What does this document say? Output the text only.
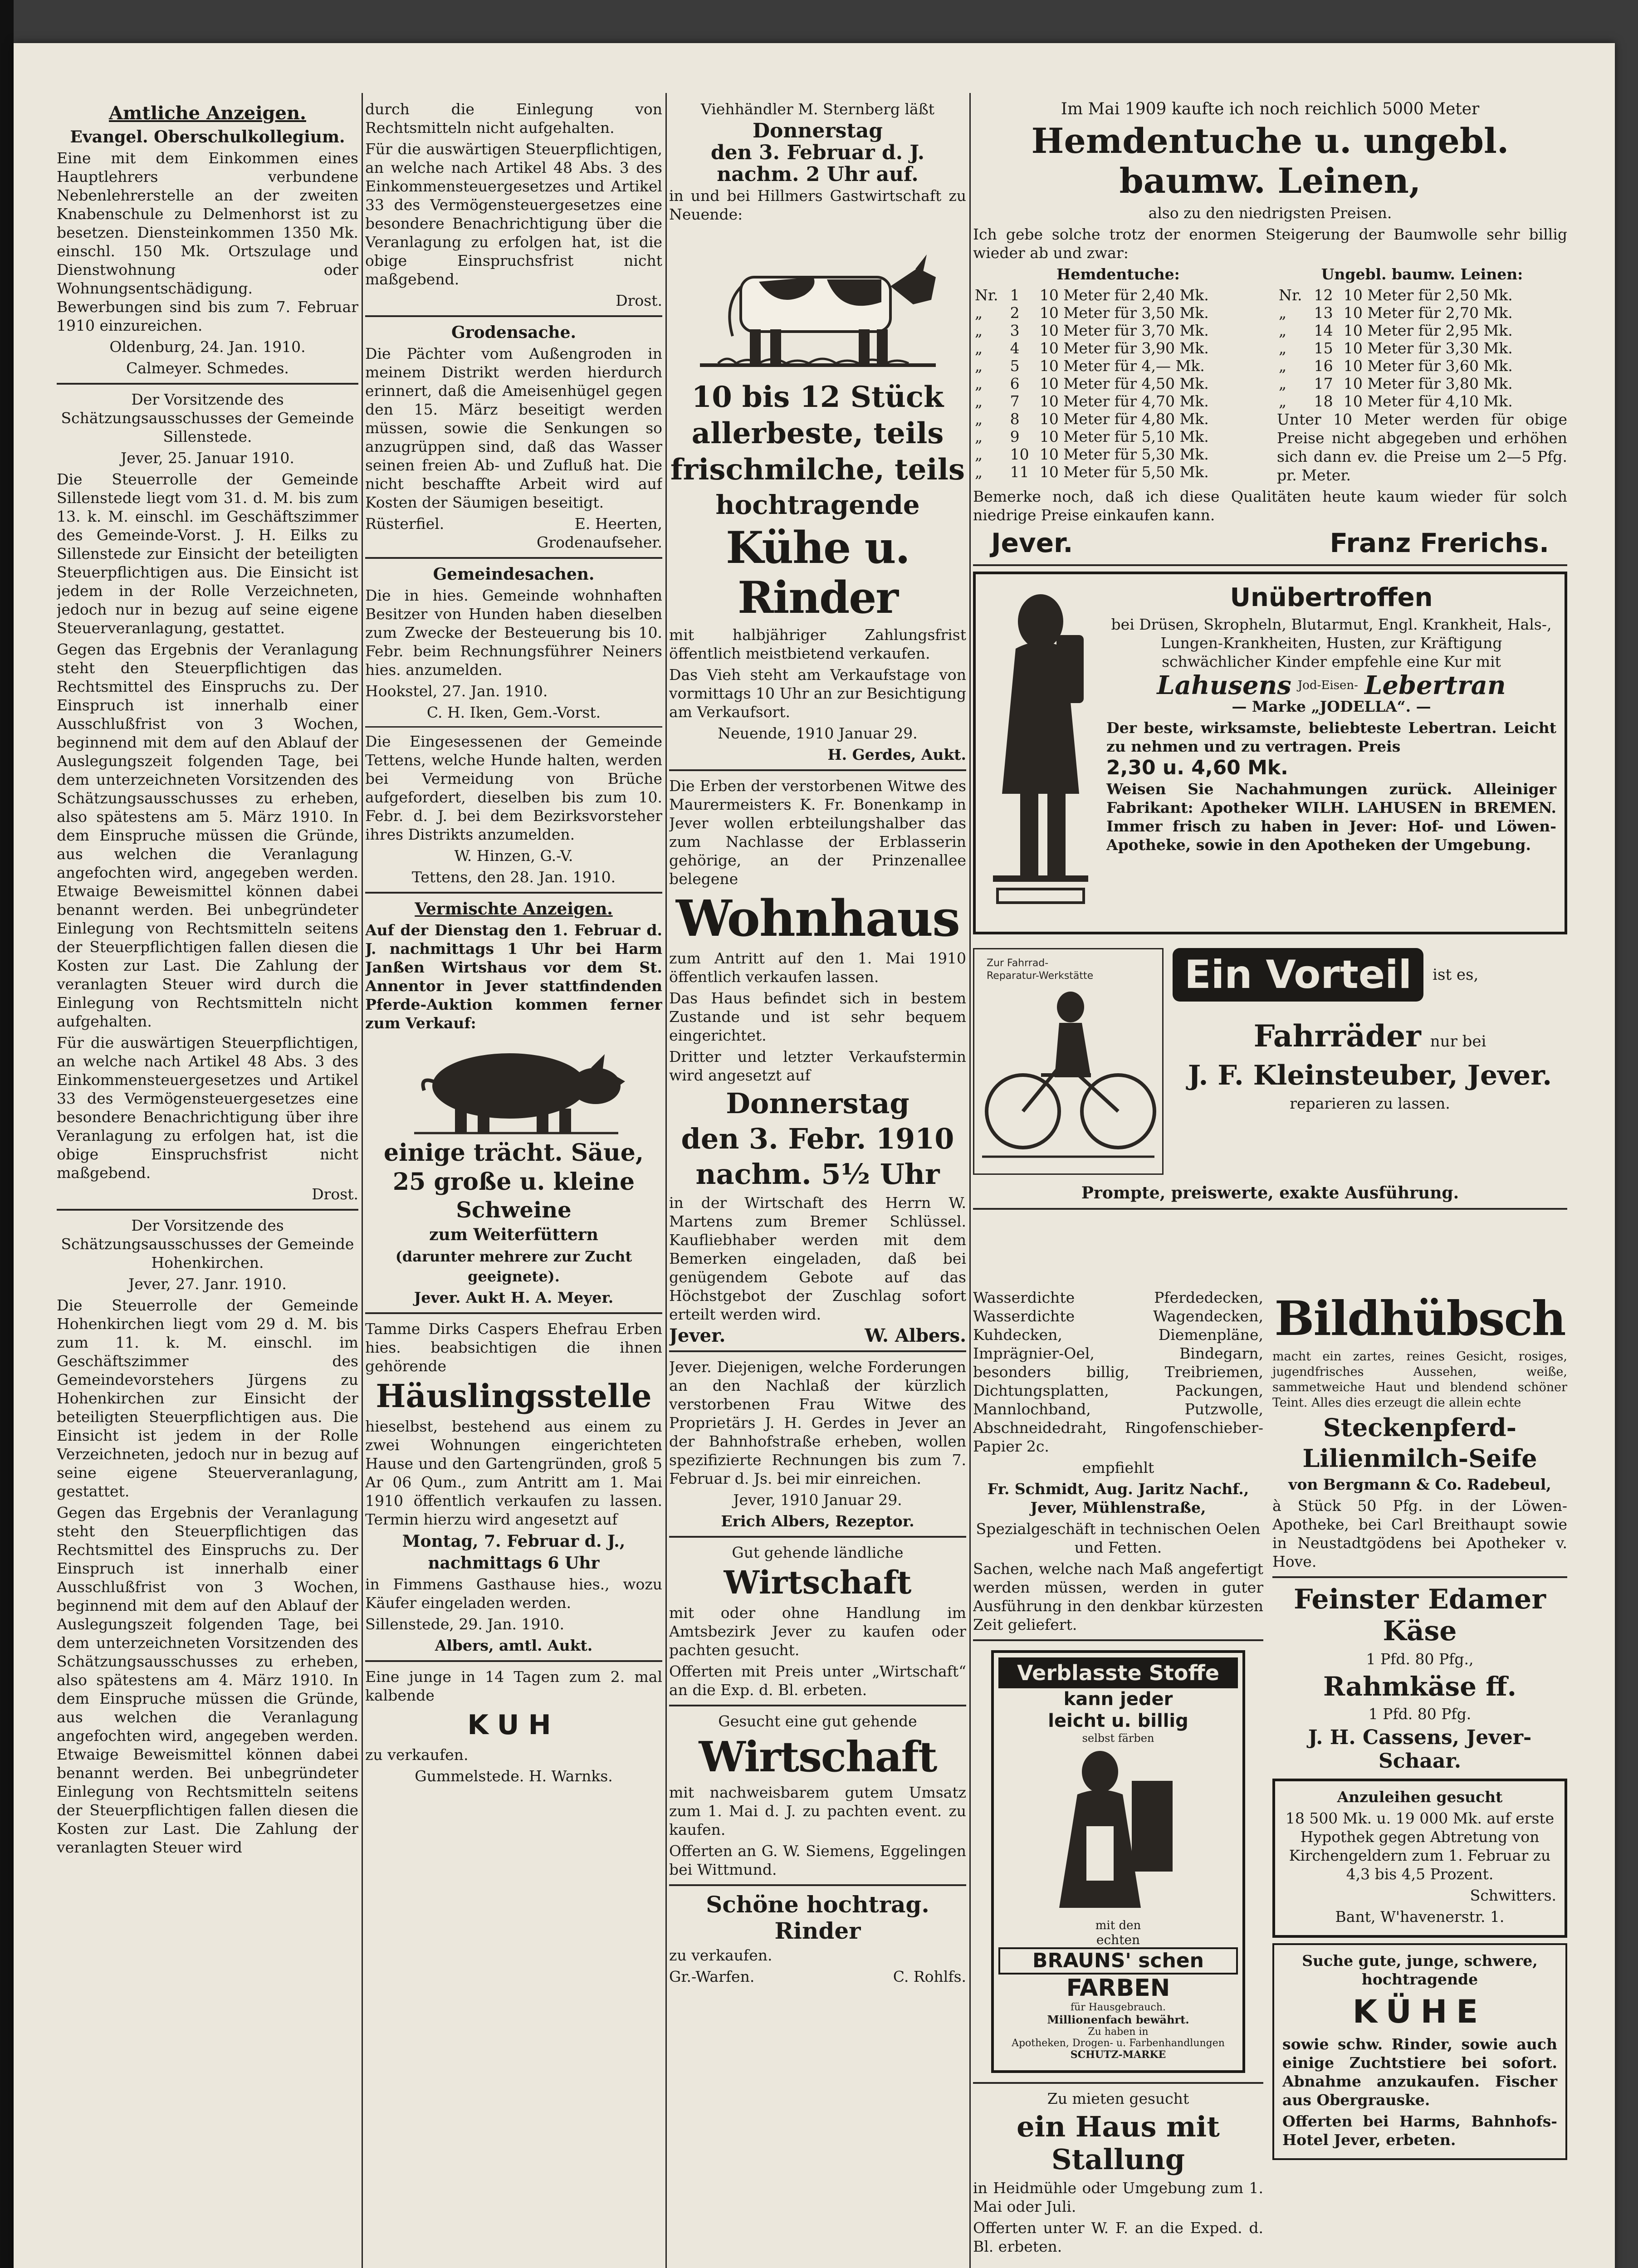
Amtliche Anzeigen.
Evangel. Oberschulkollegium.

Eine mit dem Einkommen eines Hauptlehrers verbundene Nebenlehrerstelle an der zweiten Knabenschule zu Delmenhorst ist zu besetzen. Diensteinkommen 1350 Mk. einschl. 150 Mk. Ortszulage und Dienstwohnung oder Wohnungsentschädigung. Bewerbungen sind bis zum 7. Februar 1910 einzureichen.

Oldenburg, 24. Jan. 1910.

Calmeyer. Schmedes.

Der Vorsitzende des Schätzungsausschusses der Gemeinde Sillenstede.

Jever, 25. Januar 1910.

Die Steuerrolle der Gemeinde Sillenstede liegt vom 31. d. M. bis zum 13. k. M. einschl. im Geschäftszimmer des Gemeinde-Vorst. J. H. Eilks zu Sillenstede zur Einsicht der beteiligten Steuerpflichtigen aus. Die Einsicht ist jedem in der Rolle Verzeichneten, jedoch nur in bezug auf seine eigene Steuerveranlagung, gestattet.

Gegen das Ergebnis der Veranlagung steht den Steuerpflichtigen das Rechtsmittel des Einspruchs zu. Der Einspruch ist innerhalb einer Ausschlußfrist von 3 Wochen, beginnend mit dem auf den Ablauf der Auslegungszeit folgenden Tage, bei dem unterzeichneten Vorsitzenden des Schätzungsausschusses zu erheben, also spätestens am 5. März 1910. In dem Einspruche müssen die Gründe, aus welchen die Veranlagung angefochten wird, angegeben werden. Etwaige Beweismittel können dabei benannt werden. Bei unbegründeter Einlegung von Rechtsmitteln seitens der Steuerpflichtigen fallen diesen die Kosten zur Last. Die Zahlung der veranlagten Steuer wird durch die Einlegung von Rechtsmitteln nicht aufgehalten.

Für die auswärtigen Steuerpflichtigen, an welche nach Artikel 48 Abs. 3 des Einkommensteuergesetzes und Artikel 33 des Vermögensteuergesetzes eine besondere Benachrichtigung über ihre Veranlagung zu erfolgen hat, ist die obige Einspruchsfrist nicht maßgebend.

Drost.

Der Vorsitzende des Schätzungsausschusses der Gemeinde Hohenkirchen.

Jever, 27. Janr. 1910.

Die Steuerrolle der Gemeinde Hohenkirchen liegt vom 29 d. M. bis zum 11. k. M. einschl. im Geschäftszimmer des Gemeindevorstehers Jürgens zu Hohenkirchen zur Einsicht der beteiligten Steuerpflichtigen aus. Die Einsicht ist jedem in der Rolle Verzeichneten, jedoch nur in bezug auf seine eigene Steuerveranlagung, gestattet.

Gegen das Ergebnis der Veranlagung steht den Steuerpflichtigen das Rechtsmittel des Einspruchs zu. Der Einspruch ist innerhalb einer Ausschlußfrist von 3 Wochen, beginnend mit dem auf den Ablauf der Auslegungszeit folgenden Tage, bei dem unterzeichneten Vorsitzenden des Schätzungsausschusses zu erheben, also spätestens am 4. März 1910. In dem Einspruche müssen die Gründe, aus welchen die Veranlagung angefochten wird, angegeben werden. Etwaige Beweismittel können dabei benannt werden. Bei unbegründeter Einlegung von Rechtsmitteln seitens der Steuerpflichtigen fallen diesen die Kosten zur Last. Die Zahlung der veranlagten Steuer wird

durch die Einlegung von Rechtsmitteln nicht aufgehalten.

Für die auswärtigen Steuerpflichtigen, an welche nach Artikel 48 Abs. 3 des Einkommensteuergesetzes und Artikel 33 des Vermögensteuergesetzes eine besondere Benachrichtigung über die Veranlagung zu erfolgen hat, ist die obige Einspruchsfrist nicht maßgebend.

Drost.

Grodensache.

Die Pächter vom Außengroden in meinem Distrikt werden hierdurch erinnert, daß die Ameisenhügel gegen den 15. März beseitigt werden müssen, sowie die Senkungen so anzugrüppen sind, daß das Wasser seinen freien Ab- und Zufluß hat. Die nicht beschaffte Arbeit wird auf Kosten der Säumigen beseitigt.

Rüsterfiel.	E. Heerten,

Grodenaufseher.

Gemeindesachen.

Die in hies. Gemeinde wohnhaften Besitzer von Hunden haben dieselben zum Zwecke der Besteuerung bis 10. Febr. beim Rechnungsführer Neiners hies. anzumelden.

Hookstel, 27. Jan. 1910.

C. H. Iken, Gem.-Vorst.

Die Eingesessenen der Gemeinde Tettens, welche Hunde halten, werden bei Vermeidung von Brüche aufgefordert, dieselben bis zum 10. Febr. d. J. bei dem Bezirksvorsteher ihres Distrikts anzumelden.

W. Hinzen, G.-V.

Tettens, den 28. Jan. 1910.

Vermischte Anzeigen.

Auf der Dienstag den 1. Februar d. J. nachmittags 1 Uhr bei Harm Janßen Wirtshaus vor dem St. Annentor in Jever stattfindenden Pferde-Auktion kommen ferner zum Verkauf:

einige trächt. Säue,
25 große u. kleine
Schweine
zum Weiterfüttern
(darunter mehrere zur Zucht geeignete).

Jever. Aukt H. A. Meyer.

Tamme Dirks Caspers Ehefrau Erben hies. beabsichtigen die ihnen gehörende

Häuslingsstelle

hieselbst, bestehend aus einem zu zwei Wohnungen eingerichteten Hause und den Gartengründen, groß 5 Ar 06 Qum., zum Antritt am 1. Mai 1910 öffentlich verkaufen zu lassen. Termin hierzu wird angesetzt auf

Montag, 7. Februar d. J.,
nachmittags 6 Uhr

in Fimmens Gasthause hies., wozu Käufer eingeladen werden.

Sillenstede, 29. Jan. 1910.

Albers, amtl. Aukt.

Eine junge in 14 Tagen zum 2. mal kalbende

KUH

zu verkaufen.

Gummelstede. H. Warnks.

Viehhändler M. Sternberg läßt

Donnerstag
den 3. Februar d. J.
nachm. 2 Uhr auf.

in und bei Hillmers Gastwirtschaft zu Neuende:

10 bis 12 Stück
allerbeste, teils
frischmilche, teils
hochtragende
Kühe u. Rinder

mit halbjähriger Zahlungsfrist öffentlich meistbietend verkaufen.

Das Vieh steht am Verkaufstage von vormittags 10 Uhr an zur Besichtigung am Verkaufsort.

Neuende, 1910 Januar 29.

H. Gerdes, Aukt.

Die Erben der verstorbenen Witwe des Maurermeisters K. Fr. Bonenkamp in Jever wollen erbteilungshalber das zum Nachlasse der Erblasserin gehörige, an der Prinzenallee belegene

Wohnhaus

zum Antritt auf den 1. Mai 1910 öffentlich verkaufen lassen.

Das Haus befindet sich in bestem Zustande und ist sehr bequem eingerichtet.

Dritter und letzter Verkaufstermin wird angesetzt auf

Donnerstag
den 3. Febr. 1910
nachm. 5½ Uhr

in der Wirtschaft des Herrn W. Martens zum Bremer Schlüssel. Kaufliebhaber werden mit dem Bemerken eingeladen, daß bei genügendem Gebote auf das Höchstgebot der Zuschlag sofort erteilt werden wird.

Jever.	W. Albers.

Jever. Diejenigen, welche Forderungen an den Nachlaß der kürzlich verstorbenen Frau Witwe des Proprietärs J. H. Gerdes in Jever an der Bahnhofstraße erheben, wollen spezifizierte Rechnungen bis zum 7. Februar d. Js. bei mir einreichen.

Jever, 1910 Januar 29.

Erich Albers, Rezeptor.

Gut gehende ländliche

Wirtschaft

mit oder ohne Handlung im Amtsbezirk Jever zu kaufen oder pachten gesucht.

Offerten mit Preis unter „Wirtschaft“ an die Exp. d. Bl. erbeten.

Gesucht eine gut gehende

Wirtschaft

mit nachweisbarem gutem Umsatz zum 1. Mai d. J. zu pachten event. zu kaufen.

Offerten an G. W. Siemens, Eggelingen bei Wittmund.

Schöne hochtrag. Rinder

zu verkaufen.

Gr.-Warfen.	C. Rohlfs.

Im Mai 1909 kaufte ich noch reichlich 5000 Meter

Hemdentuche u. ungebl. baumw. Leinen,

also zu den niedrigsten Preisen.

Ich gebe solche trotz der enormen Steigerung der Baumwolle sehr billig wieder ab und zwar:

Hemdentuche:

Nr.	1	10 Meter für 2,40 Mk.
„	2	10 Meter für 3,50 Mk.
„	3	10 Meter für 3,70 Mk.
„	4	10 Meter für 3,90 Mk.
„	5	10 Meter für 4,— Mk.
„	6	10 Meter für 4,50 Mk.
„	7	10 Meter für 4,70 Mk.
„	8	10 Meter für 4,80 Mk.
„	9	10 Meter für 5,10 Mk.
„	10	10 Meter für 5,30 Mk.
„	11	10 Meter für 5,50 Mk.

Ungebl. baumw. Leinen:

Nr.	12	10 Meter für 2,50 Mk.
„	13	10 Meter für 2,70 Mk.
„	14	10 Meter für 2,95 Mk.
„	15	10 Meter für 3,30 Mk.
„	16	10 Meter für 3,60 Mk.
„	17	10 Meter für 3,80 Mk.
„	18	10 Meter für 4,10 Mk.

Unter 10 Meter werden für obige Preise nicht abgegeben und erhöhen sich dann ev. die Preise um 2—5 Pfg. pr. Meter.

Bemerke noch, daß ich diese Qualitäten heute kaum wieder für solch niedrige Preise einkaufen kann.

Jever.	Franz Frerichs.
Unübertroffen

bei Drüsen, Skropheln, Blutarmut, Engl. Krankheit, Hals-, Lungen-Krankheiten, Husten, zur Kräftigung schwächlicher Kinder empfehle eine Kur mit

Lahusens Jod-Eisen- Lebertran

— Marke „JODELLA“. —

Der beste, wirksamste, beliebteste Lebertran. Leicht zu nehmen und zu vertragen. Preis

2,30 u. 4,60 Mk.

Weisen Sie Nachahmungen zurück. Alleiniger Fabrikant: Apotheker WILH. LAHUSEN in BREMEN. Immer frisch zu haben in Jever: Hof- und Löwen-Apotheke, sowie in den Apotheken der Umgebung.

Zur Fahrrad-
Reparatur-Werkstätte	Ein Vorteil	ist es,
Fahrräder nur bei
J. F. Kleinsteuber, Jever.

reparieren zu lassen.

Prompte, preiswerte, exakte Ausführung.

Wasserdichte Pferdedecken, Wasserdichte Wagendecken, Kuhdecken, Diemenpläne, Imprägnier-Oel, Bindegarn, besonders billig, Treibriemen, Dichtungsplatten, Packungen, Mannlochband, Putzwolle, Abschneidedraht, Ringofenschieber-Papier 2c.

empfiehlt

Fr. Schmidt, Aug. Jaritz Nachf., Jever, Mühlenstraße,

Spezialgeschäft in technischen Oelen und Fetten.

Sachen, welche nach Maß angefertigt werden müssen, werden in guter Ausführung in den denkbar kürzesten Zeit geliefert.

Verblasste Stoffe
kann jeder
leicht u. billig
selbst färben
mit den
echten
BRAUNS' schen
FARBEN
für Hausgebrauch.
Millionenfach bewährt.
Zu haben in
Apotheken, Drogen- u. Farbenhandlungen
SCHUTZ-MARKE

Zu mieten gesucht

ein Haus mit Stallung

in Heidmühle oder Umgebung zum 1. Mai oder Juli.

Offerten unter W. F. an die Exped. d. Bl. erbeten.

Bildhübsch

macht ein zartes, reines Gesicht, rosiges, jugendfrisches Aussehen, weiße, sammetweiche Haut und blendend schöner Teint. Alles dies erzeugt die allein echte

Steckenpferd-
Lilienmilch-Seife

von Bergmann & Co. Radebeul,

à Stück 50 Pfg. in der Löwen-Apotheke, bei Carl Breithaupt sowie in Neustadtgödens bei Apotheker v. Hove.

Feinster Edamer Käse

1 Pfd. 80 Pfg.,

Rahmkäse ff.

1 Pfd. 80 Pfg.

J. H. Cassens, Jever-Schaar.

Anzuleihen gesucht

18 500 Mk. u. 19 000 Mk. auf erste Hypothek gegen Abtretung von Kirchengeldern zum 1. Februar zu 4,3 bis 4,5 Prozent.

Schwitters.

Bant, W'havenerstr. 1.

Suche gute, junge, schwere, hochtragende

KÜHE

sowie schw. Rinder, sowie auch einige Zuchtstiere bei sofort. Abnahme anzukaufen. Fischer aus Obergrauske.

Offerten bei Harms, Bahnhofs-Hotel Jever, erbeten.
